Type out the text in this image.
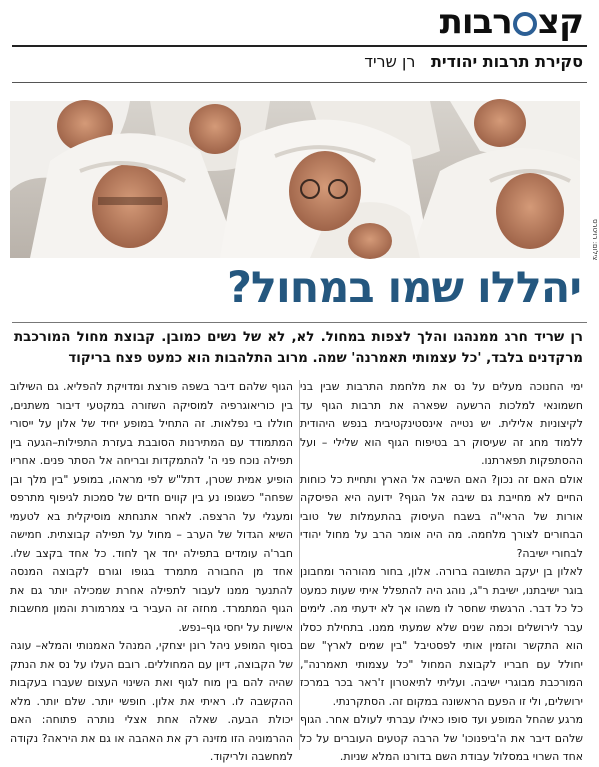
קצ
רבות
סקירת תרבות יהודית רן שריד
צילום: רויטרס
יהללו שמו במחול?
רן שריד חרג ממנהגו והלך לצפות במחול. לא, לא של נשים כמובן. קבוצת מחול המורכבת מרקדנים בלבד, 'כל עצמותי תאמרנה' שמה. מרוב התלהבות הוא כמעט פצח בריקוד

ימי החנוכה מעלים על נס את מלחמת התרבות שבין בני חשמונאי למלכות הרשעה שפארה את תרבות הגוף עד לקיצוניות אלילית. יש נטייה אינסטינקטיבית בנפש היהודית ללמוד מחג זה שעיסוק רב בטיפוח הגוף הוא שלילי – ועל ההסתפקות תפארתנו.

אולם האם זה נכון? האם השיבה אל הארץ ותחיית כל כוחות החיים לא מחייבת גם שיבה אל הגוף? ידועה היא הפיסקה אורות של הראי"ה בשבח העיסוק בהתעמלות של טובי הבחורים לצורך מלחמה. מה היה אומר הרב על מחול יהודי לבחורי ישיבה?

לאלון בן יעקב התשובה ברורה. אלון, בחור מהורהר ומחבונן בוגר ישיבתנו, ישיבת ר"ג, נוהג היה להתפלל איתי שעות כמעט כל כל דבר. הרגשתי שחסר לו משהו אך לא ידעתי מה. לימים עבר לירושלים וכמה שנים שלא שמעתי ממנו. בתחילת כסלו הוא התקשר והזמין אותי לפסטיבל "בין שמים לארץ" שם יחולל עם חבריו לקבוצת המחול "כל עצמותי תאמרנה", המורכבת מבוגרי ישיבה. ועליתי לתיאטרון ז'ראר בכר במרכז ירושלים, ולי זו הפעם הראשונה במקום זה. הסתקרנתי.

מרגע שהחל המופע ועד סופו כאילו עברתי לעולם אחר. הגוף שלהם דיבר את ה'ביפנוכו' של הרבה קטעים העוברים על כל אחד השרוי במסלול עבודת השם בדורנו המלא שניות.

הגוף שלהם דיבר בשפה פורצת ומדויקת להפליא. גם השילוב בין כוריאוגרפיה למוסיקה השזורה במקטעי דיבור משתנים, חוללו בי נפלאות. זה התחיל במופע יחיד של אלון על ייסורי המתמודד עם המתירנות הסובבת בעזרת התפילות–הגעה בין תפילה נוכח פני ה' להתמקדות ובריחה אל הסתר פנים. אחריו הופיע אמית שטרן, דתל"ש לפי מראהו, במופע "בין מלך ובן שפחה" כשגופו נע בין קווים חדים של סמכות לגיפוף מתרפס ומעגלי על הרצפה. לאחר אתנחתא מוסיקלית בא לטעמי השיא הגדול של הערב – מחול על תפילה קבוצתית. חמישה חבר'ה עומדים בתפילה יחד אך לחוד. כל אחד בקצב שלו. אחד מן החבורה מתמרד בגופו וגורם לקבוצה המנסה להתנער ממנו לעבור לתפילה אחרת שמכילה יותר גם את הגוף המתמרד. מחזה זה העביר בי צמרמורת והמון מחשבות אישיות על יחסי גוף–נפש.

בסוף המופע ניהל רונן יצחקי, המנהל האמנותי והמלא– עוגה של הקבוצה, דיון עם המחוללים. רובם העלו על נס את הנתק שהיה להם בין מוח לגוף ואת השינוי העצום שעברו בעקבות ההקשבה לו. ראיתי את אלון. חופשי יותר. שלם יותר. מלא יכולת הבעה. שאלה אחת אצלי נותרה פתוחה: האם ההרמוניה הזו מזינה רק את האהבה או גם את היראה? נקודה למחשבה ולריקוד.
